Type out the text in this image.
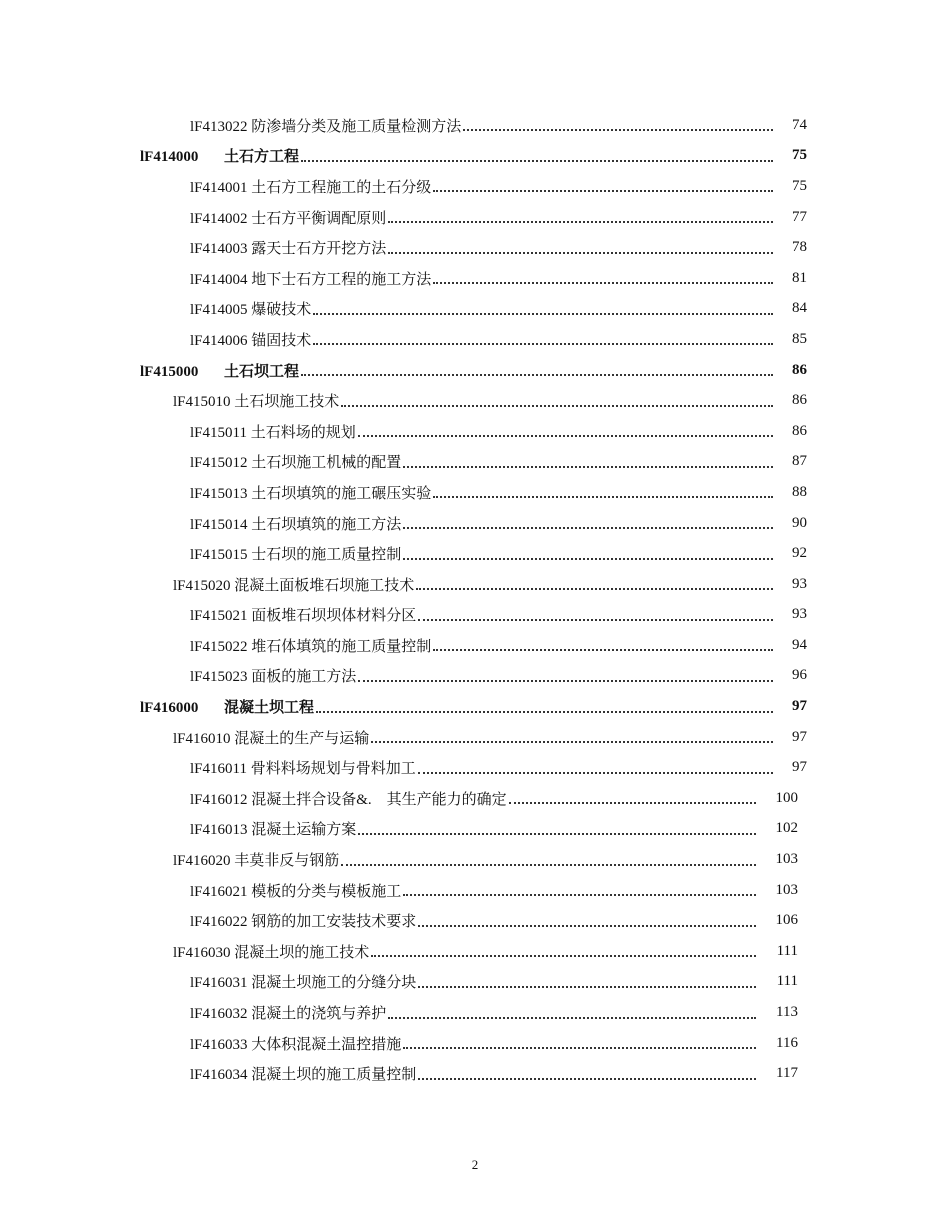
lF413022 防渗墙分类及施工质量检测方法	74
lF414000 土石方工程	75
lF414001 土石方工程施工的土石分级	75
lF414002 士石方平衡调配原则	77
lF414003 露天士石方开挖方法	78
lF414004 地下士石方工程的施工方法	81
lF414005 爆破技术	84
lF414006 锚固技术	85
lF415000 土石坝工程	86
lF415010 土石坝施工技术	86
lF415011 土石料场的规划	86
lF415012 土石坝施工机械的配置	87
lF415013 土石坝填筑的施工碾压实验	88
lF415014 土石坝填筑的施工方法	90
lF415015 士石坝的施工质量控制	92
lF415020 混凝土面板堆石坝施工技术	93
lF415021 面板堆石坝坝体材料分区	93
lF415022 堆石体填筑的施工质量控制	94
lF415023 面板的施工方法	96
lF416000 混凝土坝工程	97
lF416010 混凝土的生产与运输	97
lF416011 骨料料场规划与骨料加工	97
lF416012 混凝土拌合设备&.　其生产能力的确定	100
lF416013 混凝土运输方案	102
lF416020 丰莫非反与钢筋	103
lF416021 模板的分类与模板施工	103
lF416022 钢筋的加工安装技术要求	106
lF416030 混凝土坝的施工技术	111
lF416031 混凝土坝施工的分缝分块	111
lF416032 混凝土的浇筑与养护	113
lF416033 大体积混凝土温控措施	116
lF416034 混凝土坝的施工质量控制	117
2
